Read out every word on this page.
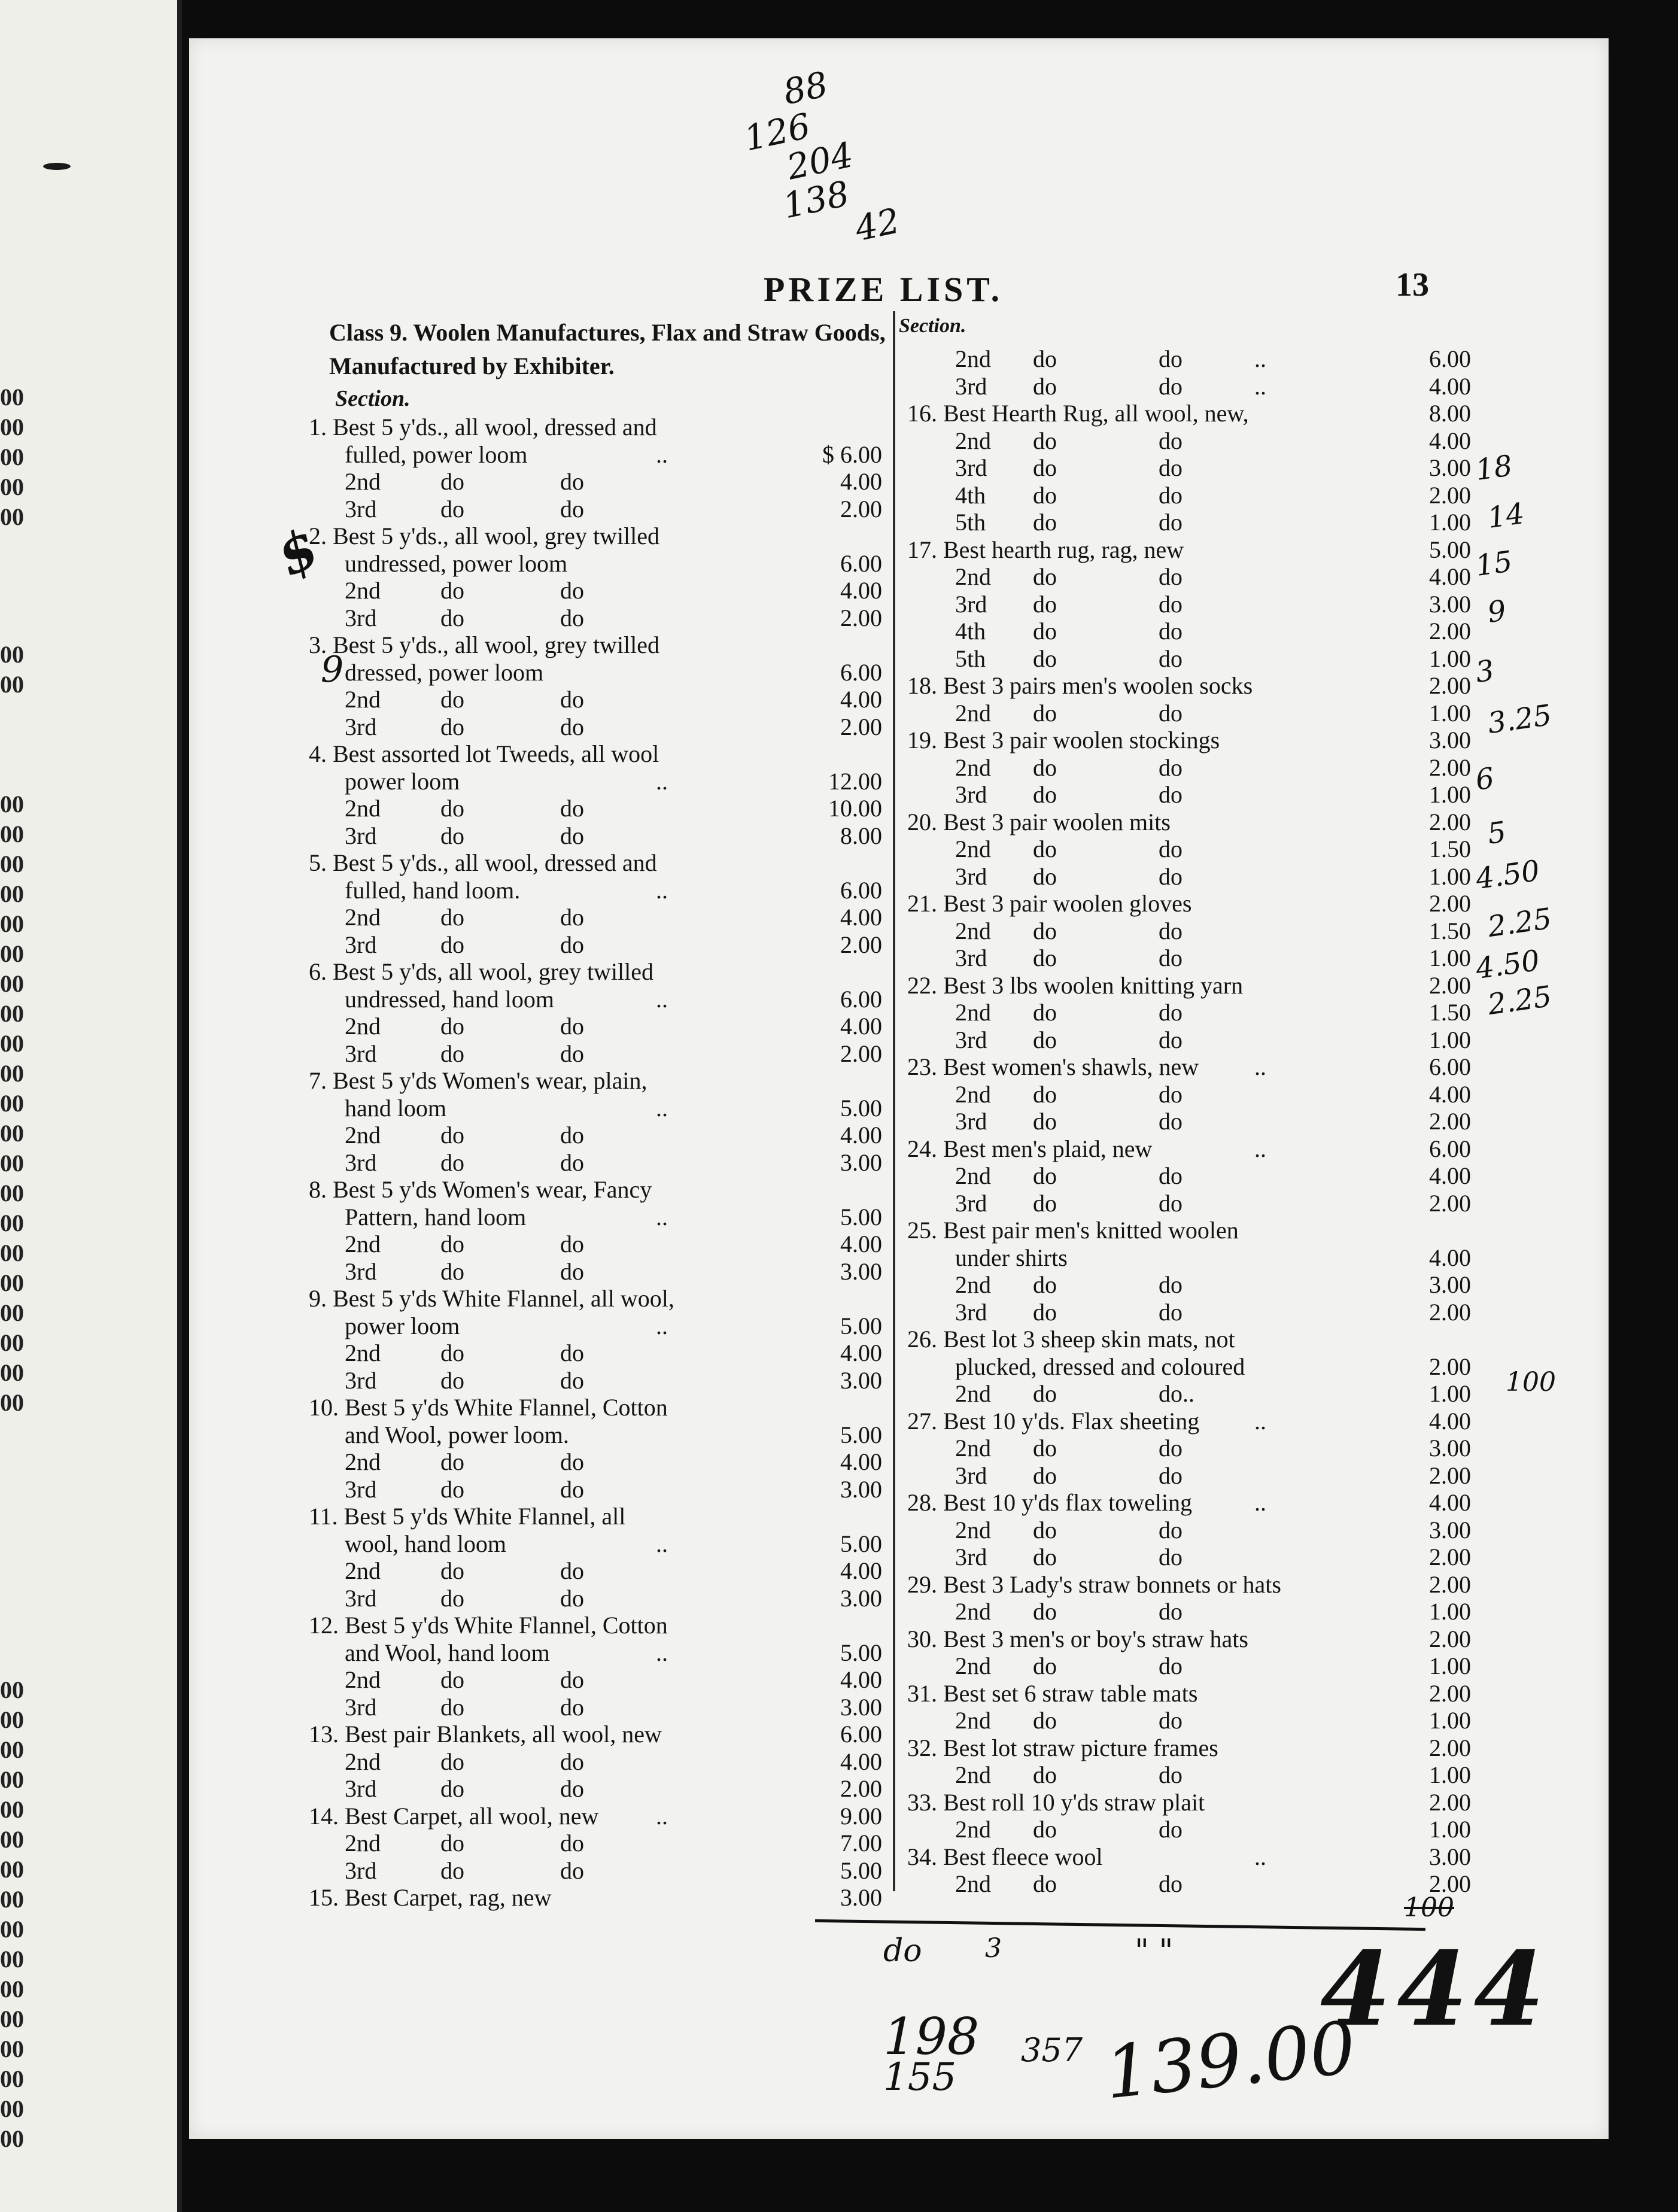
00
00
00
00
00
00
00
00
00
00
00
00
00
00
00
00
00
00
00
00
00
00
00
00
00
00
00
00
00
00
00
00
00
00
00
00
00
00
00
00
00
00
00
00
PRIZE LIST.	13
Class 9. Woolen Manufactures, Flax and Straw Goods, Manufactured by Exhibiter.
Section.
Section.
1. Best 5 y'ds., all wool, dressed and
fulled, power loom	..	$ 6.00
2nd	do	do	4.00
3rd	do	do	2.00
2. Best 5 y'ds., all wool, grey twilled
undressed, power loom	6.00
2nd	do	do	4.00
3rd	do	do	2.00
3. Best 5 y'ds., all wool, grey twilled
dressed, power loom	6.00
2nd	do	do	4.00
3rd	do	do	2.00
4. Best assorted lot Tweeds, all wool
power loom	..	12.00
2nd	do	do	10.00
3rd	do	do	8.00
5. Best 5 y'ds., all wool, dressed and
fulled, hand loom.	..	6.00
2nd	do	do	4.00
3rd	do	do	2.00
6. Best 5 y'ds, all wool, grey twilled
undressed, hand loom	..	6.00
2nd	do	do	4.00
3rd	do	do	2.00
7. Best 5 y'ds Women's wear, plain,
hand loom	..	5.00
2nd	do	do	4.00
3rd	do	do	3.00
8. Best 5 y'ds Women's wear, Fancy
Pattern, hand loom	..	5.00
2nd	do	do	4.00
3rd	do	do	3.00
9. Best 5 y'ds White Flannel, all wool,
power loom	..	5.00
2nd	do	do	4.00
3rd	do	do	3.00
10. Best 5 y'ds White Flannel, Cotton
and Wool, power loom.	5.00
2nd	do	do	4.00
3rd	do	do	3.00
11. Best 5 y'ds White Flannel, all
wool, hand loom	..	5.00
2nd	do	do	4.00
3rd	do	do	3.00
12. Best 5 y'ds White Flannel, Cotton
and Wool, hand loom	..	5.00
2nd	do	do	4.00
3rd	do	do	3.00
13. Best pair Blankets, all wool, new	6.00
2nd	do	do	4.00
3rd	do	do	2.00
14. Best Carpet, all wool, new ..	9.00
2nd	do	do	7.00
3rd	do	do	5.00
15. Best Carpet, rag, new	3.00
2nd do	do	..	6.00
3rd do	do	..	4.00
16. Best Hearth Rug, all wool, new,	8.00
2nd do	do	4.00
3rd do	do	3.00
4th do	do	2.00
5th do	do	1.00
17. Best hearth rug, rag, new	5.00
2nd do	do	4.00
3rd do	do	3.00
4th do	do	2.00
5th do	do	1.00
18. Best 3 pairs men's woolen socks	2.00
2nd do	do	1.00
19. Best 3 pair woolen stockings	3.00
2nd do	do	2.00
3rd do	do	1.00
20. Best 3 pair woolen mits	2.00
2nd do	do	1.50
3rd do	do	1.00
21. Best 3 pair woolen gloves	2.00
2nd do	do	1.50
3rd do	do	1.00
22. Best 3 lbs woolen knitting yarn	2.00
2nd do	do	1.50
3rd do	do	1.00
23. Best women's shawls, new ..	6.00
2nd do	do	4.00
3rd do	do	2.00
24. Best men's plaid, new	..	6.00
2nd do	do	4.00
3rd do	do	2.00
25. Best pair men's knitted woolen
under shirts	4.00
2nd do	do	3.00
3rd do	do	2.00
26. Best lot 3 sheep skin mats, not
plucked, dressed and coloured	2.00
2nd do	do..	1.00
27. Best 10 y'ds. Flax sheeting ..	4.00
2nd do	do	3.00
3rd do	do	2.00
28. Best 10 y'ds flax toweling	..	4.00
2nd do	do	3.00
3rd do	do	2.00
29. Best 3 Lady's straw bonnets or hats	2.00
2nd do	do	1.00
30. Best 3 men's or boy's straw hats	2.00
2nd do	do	1.00
31. Best set 6 straw table mats	2.00
2nd do	do	1.00
32. Best lot straw picture frames	2.00
2nd do	do	1.00
33. Best roll 10 y'ds straw plait	2.00
2nd do	do	1.00
34. Best fleece wool	..	3.00
2nd do	do	2.00
88
126
204
138
42
18
14
15
9
3
3.25
6
5
4.50
2.25
4.50
2.25
$
9
100
do 3	" "
100
444
139.00
198
155
357
